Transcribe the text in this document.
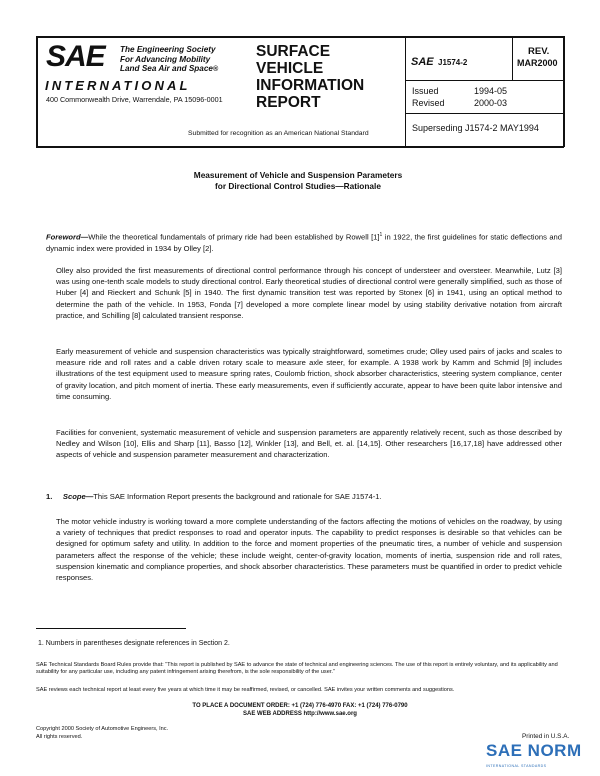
SAE The Engineering Society
For Advancing Mobility
Land Sea Air and Space®
INTERNATIONAL
400 Commonwealth Drive, Warrendale, PA 15096-0001
SURFACE
VEHICLE
INFORMATION
REPORT
SAE J1574-2
REV.
MAR2000
Issued	1994-05
Revised	2000-03
Superseding J1574-2 MAY1994
Submitted for recognition as an American National Standard
Measurement of Vehicle and Suspension Parameters
for Directional Control Studies—Rationale
Foreword—While the theoretical fundamentals of primary ride had been established by Rowell $[1]^1$ in 1922, the first guidelines for static deflections and dynamic index were provided in 1934 by Olley [2].
Olley also provided the first measurements of directional control performance through his concept of understeer and oversteer. Meanwhile, Lutz [3] was using one-tenth scale models to study directional control. Early theoretical studies of directional control were generally simplified, such as those of Huber [4] and Rieckert and Schunk [5] in 1940. The first dynamic transition test was reported by Stonex [6] in 1941, using an optical method to determine the path of the vehicle. In 1953, Fonda [7] developed a more complete linear model by using stability derivative notation from aircraft practice, and Schilling [8] calculated transient response.
Early measurement of vehicle and suspension characteristics was typically straightforward, sometimes crude; Olley used pairs of jacks and scales to measure ride and roll rates and a cable driven rotary scale to measure axle steer, for example. A 1938 work by Kamm and Schmid [9] includes illustrations of the test equipment used to measure spring rates, Coulomb friction, shock absorber characteristics, steering system compliance, center of gravity location, and pitch moment of inertia. These early measurements, even if sufficiently accurate, appear to have been quite labor intensive and time consuming.
Facilities for convenient, systematic measurement of vehicle and suspension parameters are apparently relatively recent, such as those described by Nedley and Wilson [10], Ellis and Sharp [11], Basso [12], Winkler [13], and Bell, et. al. [14,15]. Other researchers [16,17,18] have addressed other aspects of vehicle and suspension parameter measurement and characterization.
1. Scope—This SAE Information Report presents the background and rationale for SAE J1574-1.
The motor vehicle industry is working toward a more complete understanding of the factors affecting the motions of vehicles on the roadway, by using a variety of techniques that predict responses to road and operator inputs. The capability to predict responses is desirable so that vehicles can be designed for optimum safety and utility. In addition to the force and moment properties of the pneumatic tires, a number of vehicle and suspension parameters affect the response of the vehicle; these include weight, center-of-gravity location, moments of inertia, suspension ride and roll rates, suspension kinematic and compliance properties, and shock absorber characteristics. These parameters must be quantified in order to predict vehicle responses.
1. Numbers in parentheses designate references in Section 2.
SAE Technical Standards Board Rules provide that: “This report is published by SAE to advance the state of technical and engineering sciences. The use of this report is entirely voluntary, and its applicability and suitability for any particular use, including any patent infringement arising therefrom, is the sole responsibility of the user.”
SAE reviews each technical report at least every five years at which time it may be reaffirmed, revised, or cancelled. SAE invites your written comments and suggestions.
TO PLACE A DOCUMENT ORDER: +1 (724) 776-4970 FAX: +1 (724) 776-0790
SAE WEB ADDRESS http://www.sae.org
Copyright 2000 Society of Automotive Engineers, Inc.
All rights reserved.	Printed in U.S.A.
SAE NORM
INTERNATIONAL STANDARDS
